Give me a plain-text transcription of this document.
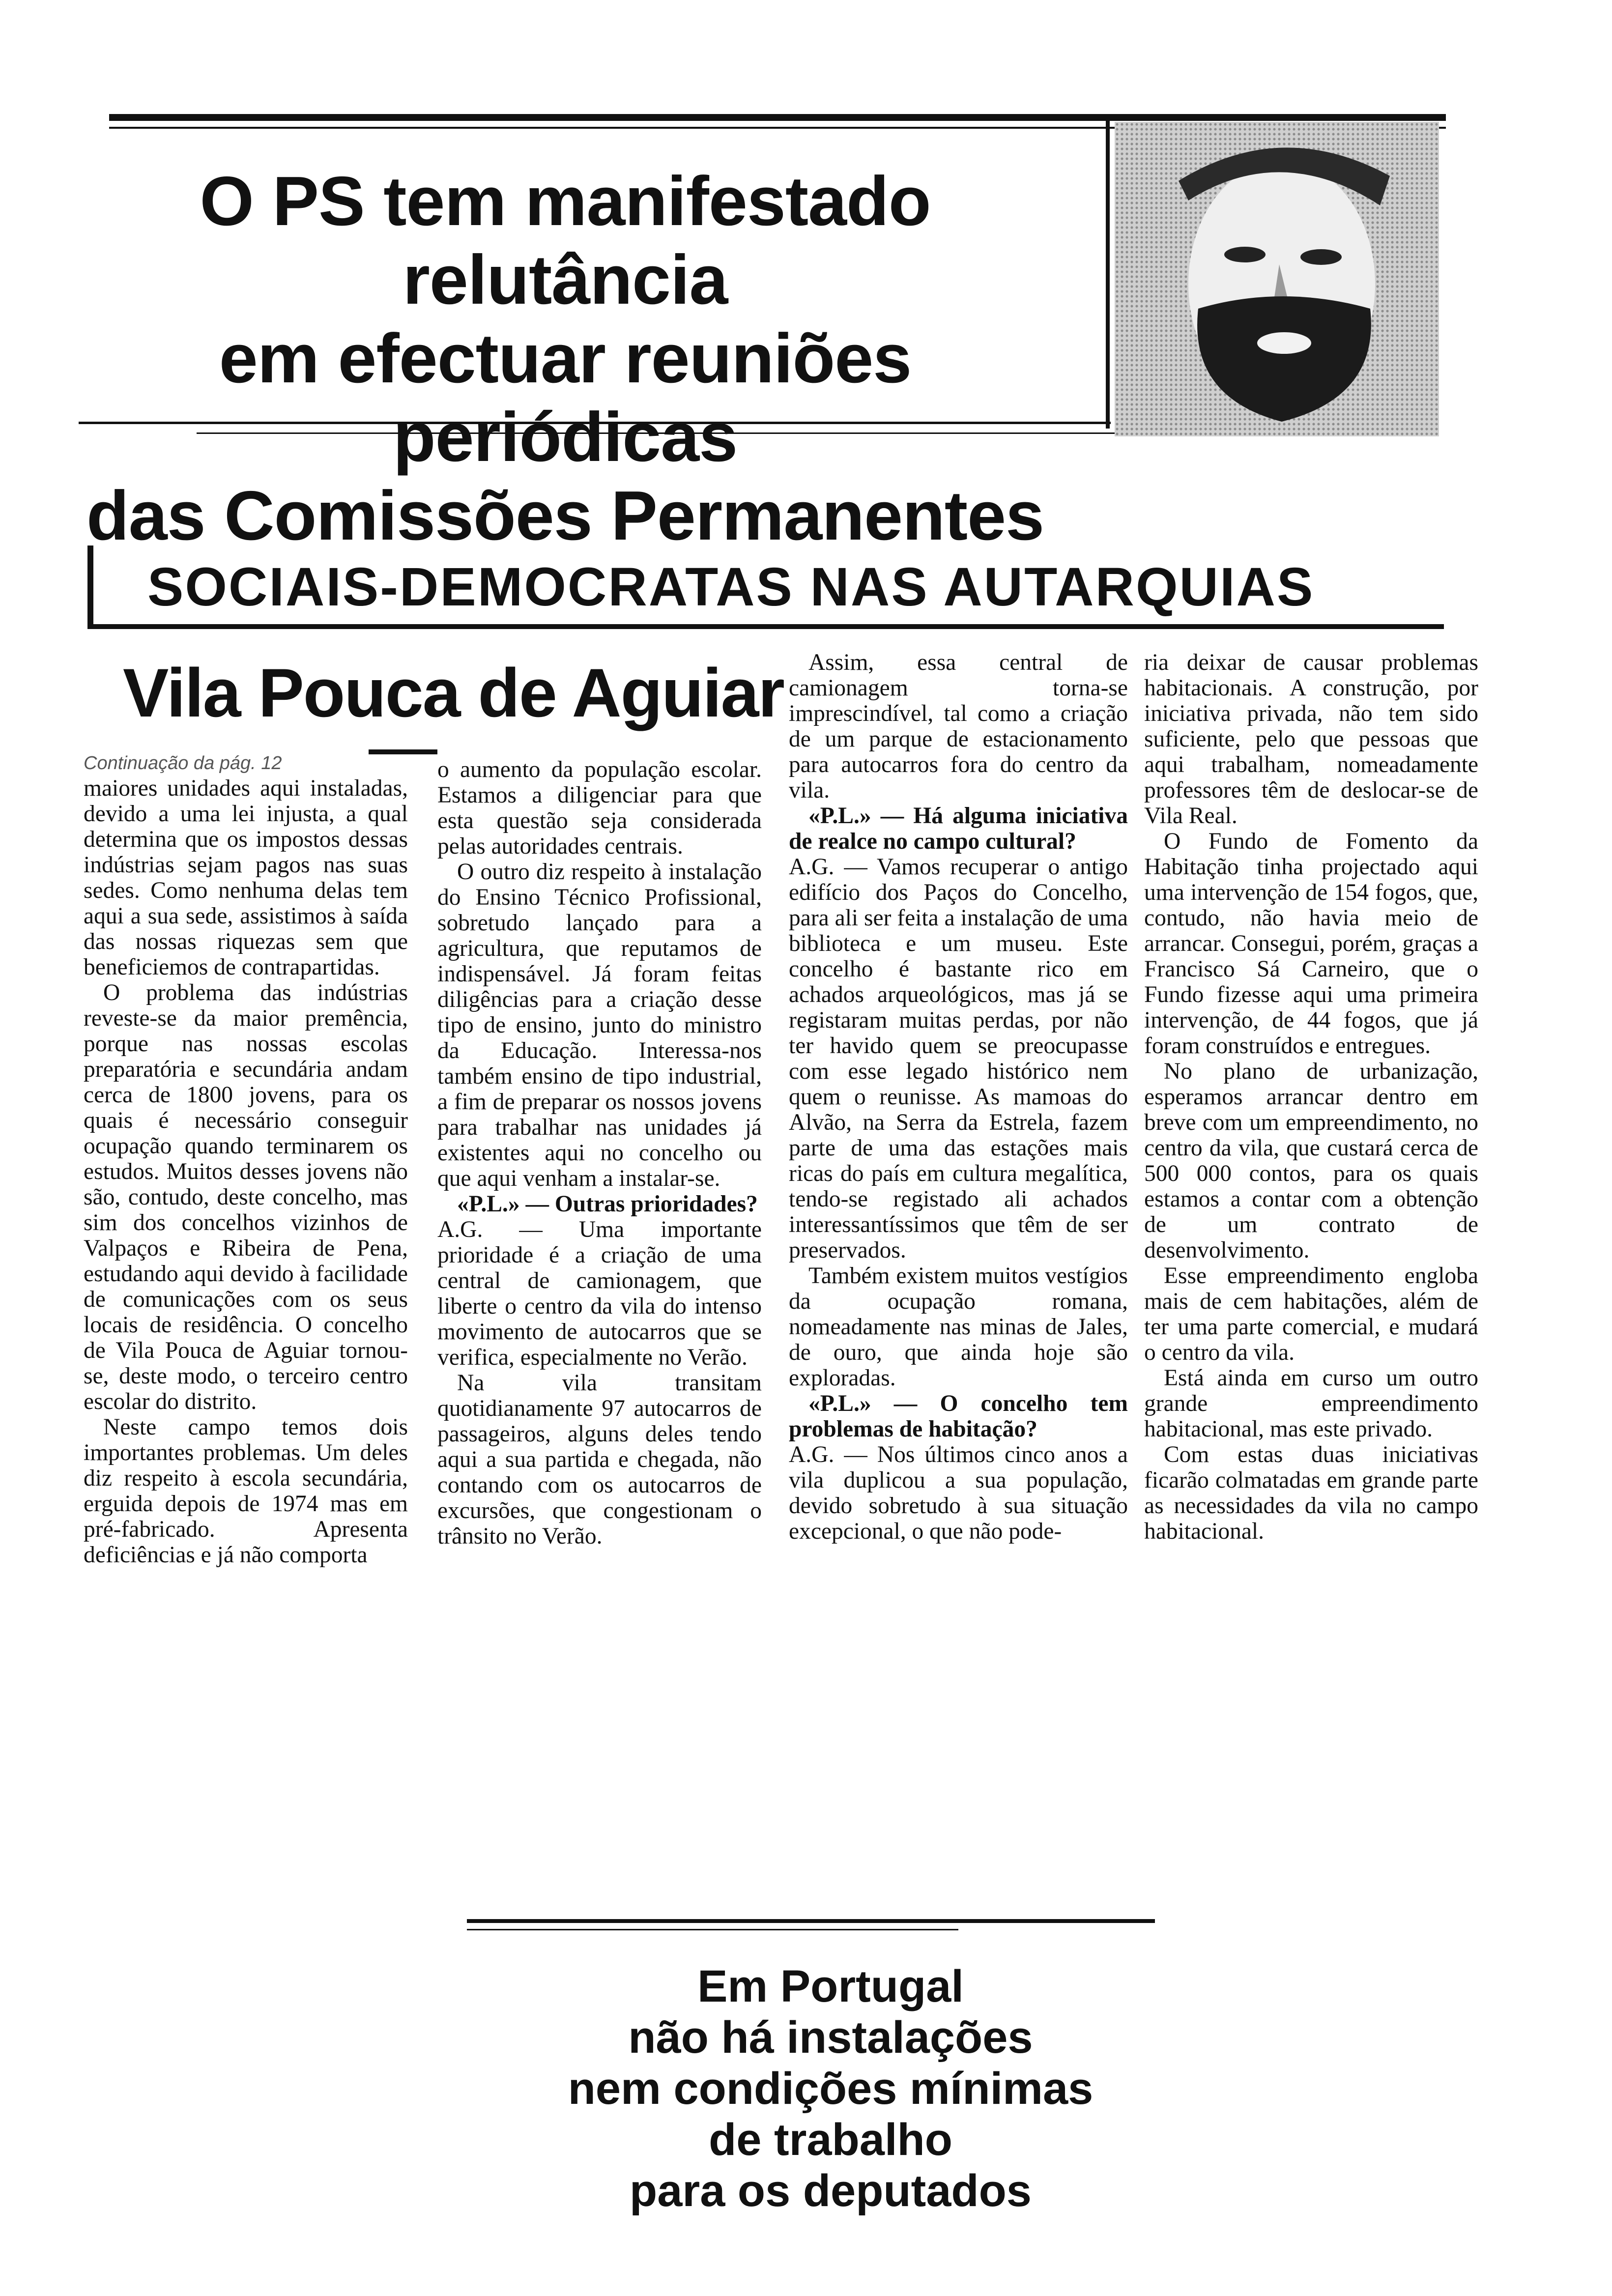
O PS tem manifestado relutância
em efectuar reuniões periódicas
das Comissões Permanentes
SOCIAIS-DEMOCRATAS NAS AUTARQUIAS
Vila Pouca de Aguiar
Continuação da pág. 12

maiores unidades aqui instaladas, devido a uma lei injusta, a qual determina que os impostos dessas indústrias sejam pagos nas suas sedes. Como nenhuma delas tem aqui a sua sede, assistimos à saída das nossas riquezas sem que beneficiemos de contrapartidas.

O problema das indústrias reveste-se da maior premência, porque nas nossas escolas preparatória e secundária andam cerca de 1800 jovens, para os quais é necessário conseguir ocupação quando terminarem os estudos. Muitos desses jovens não são, contudo, deste concelho, mas sim dos concelhos vizinhos de Valpaços e Ribeira de Pena, estudando aqui devido à facilidade de comunicações com os seus locais de residência. O concelho de Vila Pouca de Aguiar tornou-se, deste modo, o terceiro centro escolar do distrito.

Neste campo temos dois importantes problemas. Um deles diz respeito à escola secundária, erguida depois de 1974 mas em pré-fabricado. Apresenta deficiências e já não comporta

o aumento da população escolar. Estamos a diligenciar para que esta questão seja considerada pelas autoridades centrais.

O outro diz respeito à instalação do Ensino Técnico Profissional, sobretudo lançado para a agricultura, que reputamos de indispensável. Já foram feitas diligências para a criação desse tipo de ensino, junto do ministro da Educação. Interessa-nos também ensino de tipo industrial, a fim de preparar os nossos jovens para trabalhar nas unidades já existentes aqui no concelho ou que aqui venham a instalar-se.

«P.L.» — Outras prioridades?

A.G. — Uma importante prioridade é a criação de uma central de camionagem, que liberte o centro da vila do intenso movimento de autocarros que se verifica, especialmente no Verão.

Na vila transitam quotidianamente 97 autocarros de passageiros, alguns deles tendo aqui a sua partida e chegada, não contando com os autocarros de excursões, que congestionam o trânsito no Verão.

Assim, essa central de camionagem torna-se imprescindível, tal como a criação de um parque de estacionamento para autocarros fora do centro da vila.

«P.L.» — Há alguma iniciativa de realce no campo cultural?

A.G. — Vamos recuperar o antigo edifício dos Paços do Concelho, para ali ser feita a instalação de uma biblioteca e um museu. Este concelho é bastante rico em achados arqueológicos, mas já se registaram muitas perdas, por não ter havido quem se preocupasse com esse legado histórico nem quem o reunisse. As mamoas do Alvão, na Serra da Estrela, fazem parte de uma das estações mais ricas do país em cultura megalítica, tendo-se registado ali achados interessantíssimos que têm de ser preservados.

Também existem muitos vestígios da ocupação romana, nomeadamente nas minas de Jales, de ouro, que ainda hoje são exploradas.

«P.L.» — O concelho tem problemas de habitação?

A.G. — Nos últimos cinco anos a vila duplicou a sua população, devido sobretudo à sua situação excepcional, o que não pode-

ria deixar de causar problemas habitacionais. A construção, por iniciativa privada, não tem sido suficiente, pelo que pessoas que aqui trabalham, nomeadamente professores têm de deslocar-se de Vila Real.

O Fundo de Fomento da Habitação tinha projectado aqui uma intervenção de 154 fogos, que, contudo, não havia meio de arrancar. Consegui, porém, graças a Francisco Sá Carneiro, que o Fundo fizesse aqui uma primeira intervenção, de 44 fogos, que já foram construídos e entregues.

No plano de urbanização, esperamos arrancar dentro em breve com um empreendimento, no centro da vila, que custará cerca de 500 000 contos, para os quais estamos a contar com a obtenção de um contrato de desenvolvimento.

Esse empreendimento engloba mais de cem habitações, além de ter uma parte comercial, e mudará o centro da vila.

Está ainda em curso um outro grande empreendimento habitacional, mas este privado.

Com estas duas iniciativas ficarão colmatadas em grande parte as necessidades da vila no campo habitacional.

Em Portugal
não há instalações
nem condições mínimas
de trabalho
para os deputados
